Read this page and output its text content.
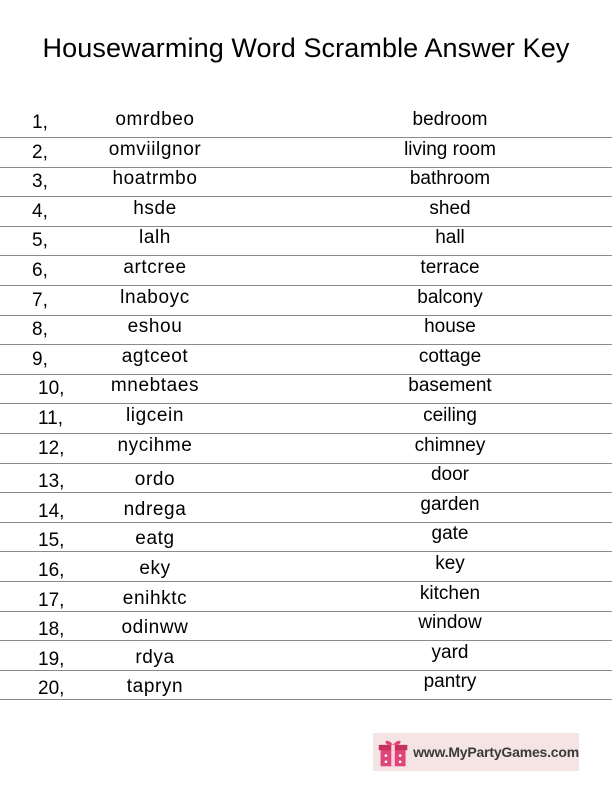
Housewarming Word Scramble Answer Key
1,	omrdbeo	bedroom
2,	omviilgnor	living room
3,	hoatrmbo	bathroom
4,	hsde	shed
5,	lalh	hall
6,	artcree	terrace
7,	lnaboyc	balcony
8,	eshou	house
9,	agtceot	cottage
10,	mnebtaes	basement
11,	ligcein	ceiling
12,	nycihme	chimney
13,	ordo	door
14,	ndrega	garden
15,	eatg	gate
16,	eky	key
17,	enihktc	kitchen
18,	odinww	window
19,	rdya	yard
20,	tapryn	pantry
www.MyPartyGames.com
